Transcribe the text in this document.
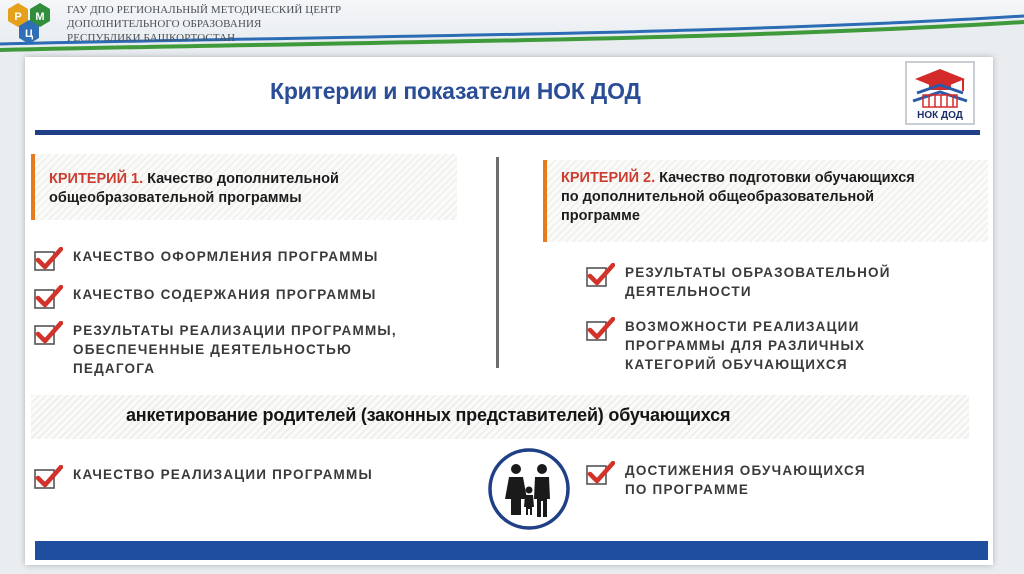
Р М
Ц
ГАУ ДПО РЕГИОНАЛЬНЫЙ МЕТОДИЧЕСКИЙ ЦЕНТР
ДОПОЛНИТЕЛЬНОГО ОБРАЗОВАНИЯ
РЕСПУБЛИКИ БАШКОРТОСТАН
Критерии и показатели НОК ДОД
НОК ДОД
КРИТЕРИЙ 1. Качество дополнительной
общеобразовательной программы
КРИТЕРИЙ 2. Качество подготовки обучающихся
по дополнительной общеобразовательной
программе
КАЧЕСТВО ОФОРМЛЕНИЯ ПРОГРАММЫ
КАЧЕСТВО СОДЕРЖАНИЯ ПРОГРАММЫ
РЕЗУЛЬТАТЫ РЕАЛИЗАЦИИ ПРОГРАММЫ,
ОБЕСПЕЧЕННЫЕ ДЕЯТЕЛЬНОСТЬЮ
ПЕДАГОГА
РЕЗУЛЬТАТЫ ОБРАЗОВАТЕЛЬНОЙ
ДЕЯТЕЛЬНОСТИ
ВОЗМОЖНОСТИ РЕАЛИЗАЦИИ
ПРОГРАММЫ ДЛЯ РАЗЛИЧНЫХ
КАТЕГОРИЙ ОБУЧАЮЩИХСЯ
анкетирование родителей (законных представителей) обучающихся
КАЧЕСТВО РЕАЛИЗАЦИИ ПРОГРАММЫ	ДОСТИЖЕНИЯ ОБУЧАЮЩИХСЯ
ПО ПРОГРАММЕ
